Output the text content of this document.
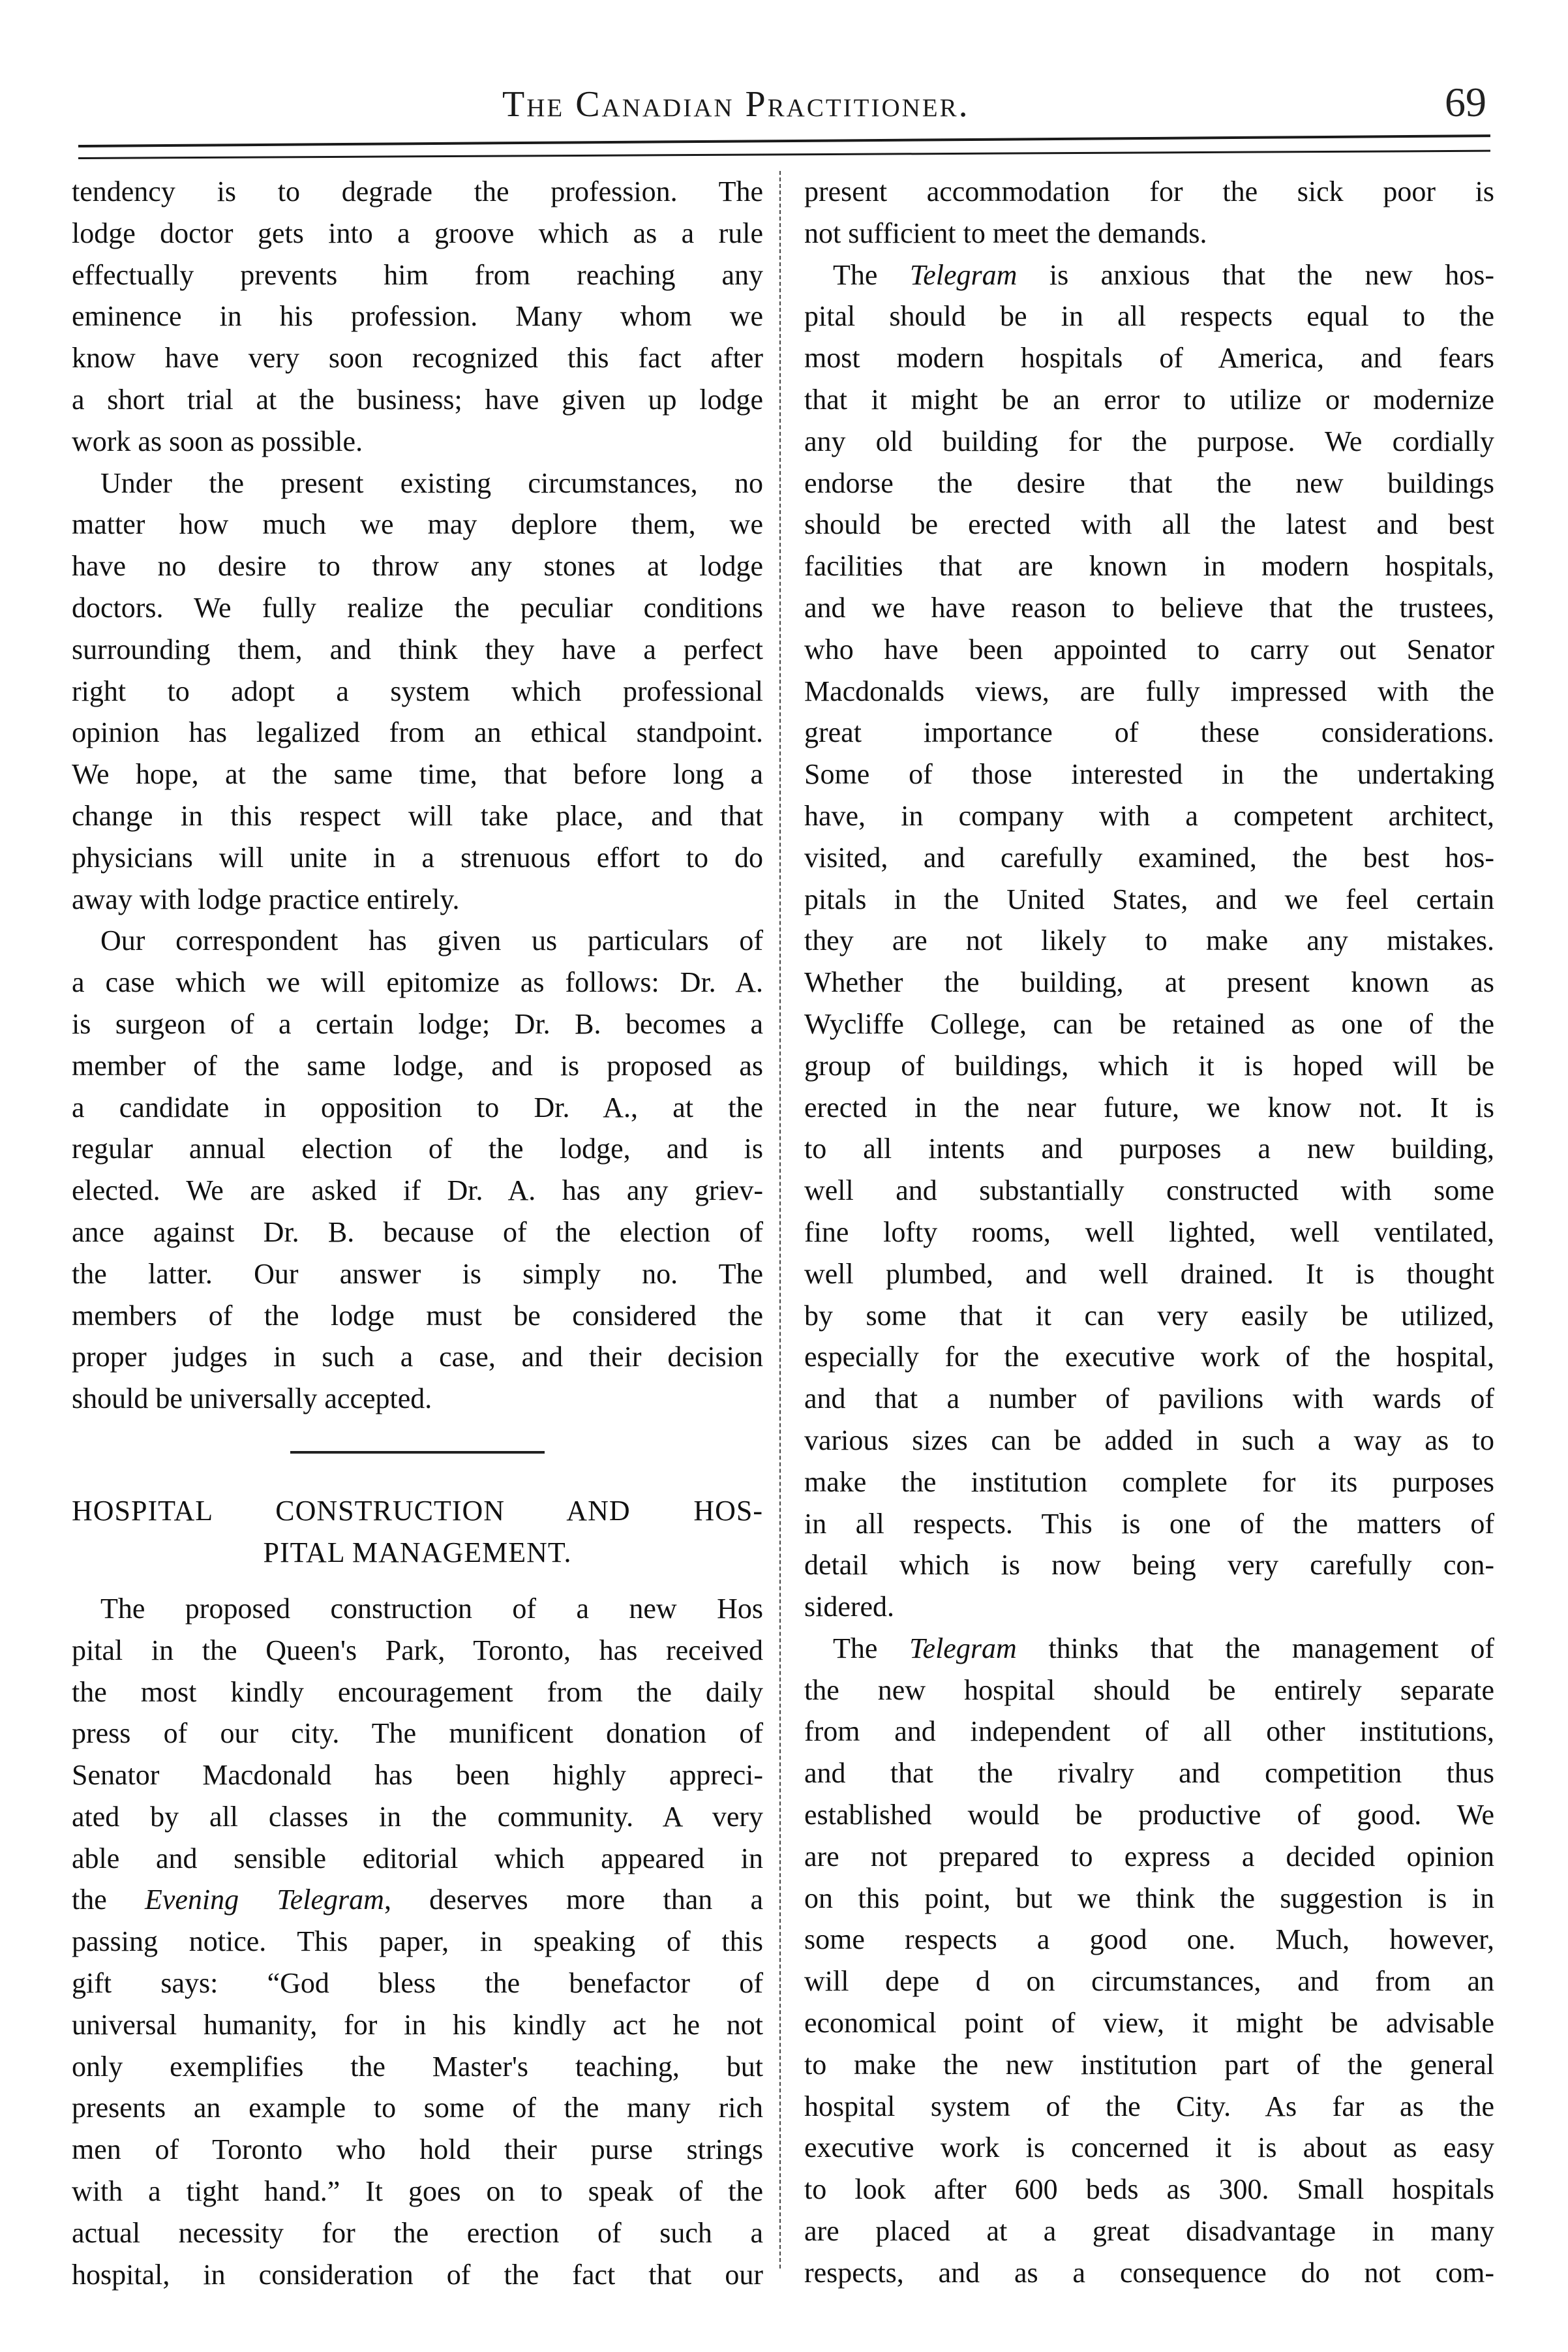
The Canadian Practitioner.	69
tendency is to degrade the profession. The
lodge doctor gets into a groove which as a rule
effectually prevents him from reaching any
eminence in his profession. Many whom we
know have very soon recognized this fact after
a short trial at the business; have given up lodge
work as soon as possible.
Under the present existing circumstances, no
matter how much we may deplore them, we
have no desire to throw any stones at lodge
doctors. We fully realize the peculiar conditions
surrounding them, and think they have a perfect
right to adopt a system which professional
opinion has legalized from an ethical standpoint.
We hope, at the same time, that before long a
change in this respect will take place, and that
physicians will unite in a strenuous effort to do
away with lodge practice entirely.
Our correspondent has given us particulars of
a case which we will epitomize as follows: Dr. A.
is surgeon of a certain lodge; Dr. B. becomes a
member of the same lodge, and is proposed as
a candidate in opposition to Dr. A., at the
regular annual election of the lodge, and is
elected. We are asked if Dr. A. has any griev-
ance against Dr. B. because of the election of
the latter. Our answer is simply no. The
members of the lodge must be considered the
proper judges in such a case, and their decision
should be universally accepted.
HOSPITAL CONSTRUCTION AND HOS-
PITAL MANAGEMENT.
The proposed construction of a new Hos
pital in the Queen's Park, Toronto, has received
the most kindly encouragement from the daily
press of our city. The munificent donation of
Senator Macdonald has been highly appreci-
ated by all classes in the community. A very
able and sensible editorial which appeared in
the Evening Telegram, deserves more than a
passing notice. This paper, in speaking of this
gift says: “God bless the benefactor of
universal humanity, for in his kindly act he not
only exemplifies the Master's teaching, but
presents an example to some of the many rich
men of Toronto who hold their purse strings
with a tight hand.” It goes on to speak of the
actual necessity for the erection of such a
hospital, in consideration of the fact that our
present accommodation for the sick poor is
not sufficient to meet the demands.
The Telegram is anxious that the new hos-
pital should be in all respects equal to the
most modern hospitals of America, and fears
that it might be an error to utilize or modernize
any old building for the purpose. We cordially
endorse the desire that the new buildings
should be erected with all the latest and best
facilities that are known in modern hospitals,
and we have reason to believe that the trustees,
who have been appointed to carry out Senator
Macdonalds views, are fully impressed with the
great importance of these considerations.
Some of those interested in the undertaking
have, in company with a competent architect,
visited, and carefully examined, the best hos-
pitals in the United States, and we feel certain
they are not likely to make any mistakes.
Whether the building, at present known as
Wycliffe College, can be retained as one of the
group of buildings, which it is hoped will be
erected in the near future, we know not. It is
to all intents and purposes a new building,
well and substantially constructed with some
fine lofty rooms, well lighted, well ventilated,
well plumbed, and well drained. It is thought
by some that it can very easily be utilized,
especially for the executive work of the hospital,
and that a number of pavilions with wards of
various sizes can be added in such a way as to
make the institution complete for its purposes
in all respects. This is one of the matters of
detail which is now being very carefully con-
sidered.
The Telegram thinks that the management of
the new hospital should be entirely separate
from and independent of all other institutions,
and that the rivalry and competition thus
established would be productive of good. We
are not prepared to express a decided opinion
on this point, but we think the suggestion is in
some respects a good one. Much, however,
will depe d on circumstances, and from an
economical point of view, it might be advisable
to make the new institution part of the general
hospital system of the City. As far as the
executive work is concerned it is about as easy
to look after 600 beds as 300. Small hospitals
are placed at a great disadvantage in many
respects, and as a consequence do not com-
